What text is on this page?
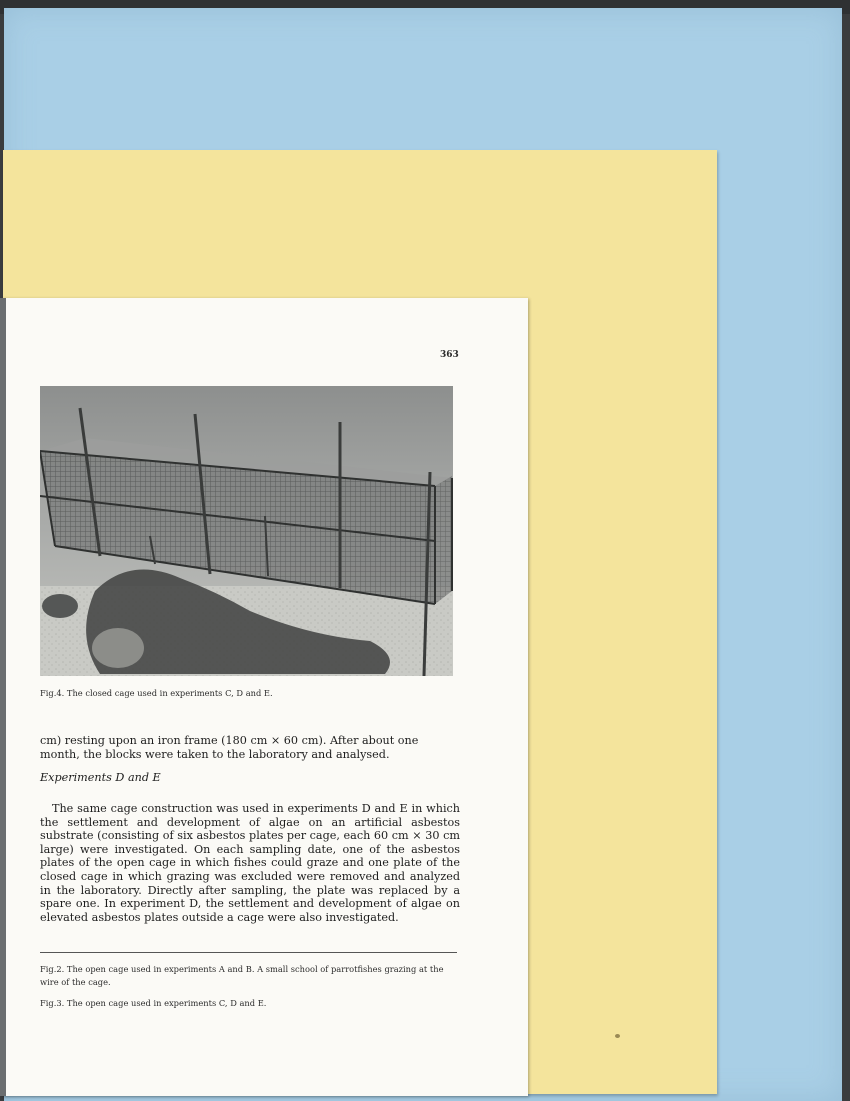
363
Fig.4. The closed cage used in experiments C, D and E.
cm) resting upon an iron frame (180 cm × 60 cm). After about one month, the blocks were taken to the laboratory and analysed.
Experiments D and E
The same cage construction was used in experiments D and E in which the settlement and development of algae on an artificial asbestos substrate (consisting of six asbestos plates per cage, each 60 cm × 30 cm large) were investigated. On each sampling date, one of the asbestos plates of the open cage in which fishes could graze and one plate of the closed cage in which grazing was excluded were removed and analyzed in the laboratory. Directly after sampling, the plate was replaced by a spare one. In experiment D, the settlement and development of algae on elevated asbestos plates outside a cage were also investigated.
Fig.2. The open cage used in experiments A and B. A small school of parrotfishes grazing at the wire of the cage.
Fig.3. The open cage used in experiments C, D and E.
